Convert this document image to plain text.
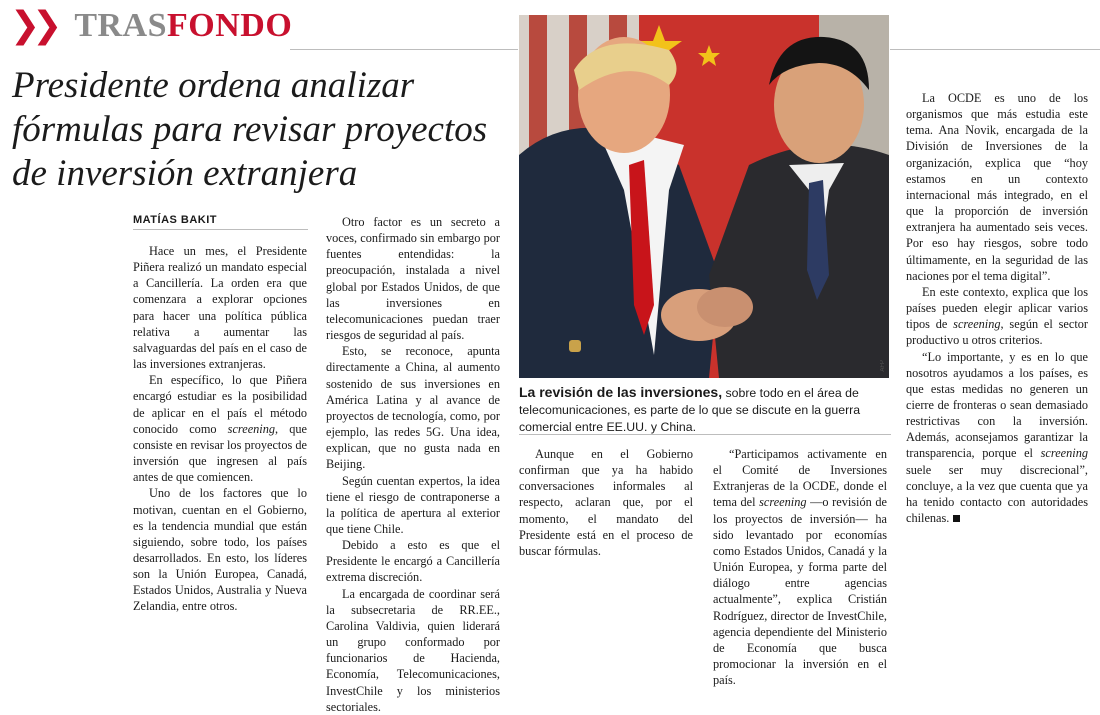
❯❯ TRAS FONDO
Presidente ordena analizar fórmulas para revisar proyectos de inversión extranjera
MATÍAS BAKIT

Hace un mes, el Presidente Piñera realizó un mandato especial a Cancillería. La orden era que comenzara a explorar opciones para hacer una política pública relativa a aumentar las salvaguardas del país en el caso de las inversiones extranjeras.

En específico, lo que Piñera encargó estudiar es la posibilidad de aplicar en el país el método conocido como screening, que consiste en revisar los proyectos de inversión que ingresen al país antes de que comiencen.

Uno de los factores que lo motivan, cuentan en el Gobierno, es la tendencia mundial que están siguiendo, sobre todo, los países desarrollados. En esto, los líderes son la Unión Europea, Canadá, Estados Unidos, Australia y Nueva Zelandia, entre otros.

Otro factor es un secreto a voces, confirmado sin embargo por fuentes entendidas: la preocupación, instalada a nivel global por Estados Unidos, de que las inversiones en telecomunicaciones puedan traer riesgos de seguridad al país.

Esto, se reconoce, apunta directamente a China, al aumento sostenido de sus inversiones en América Latina y al avance de proyectos de tecnología, como, por ejemplo, las redes 5G. Una idea, explican, que no gusta nada en Beijing.

Según cuentan expertos, la idea tiene el riesgo de contraponerse a la política de apertura al exterior que tiene Chile.

Debido a esto es que el Presidente le encargó a Cancillería extrema discreción.

La encargada de coordinar será la subsecretaria de RR.EE., Carolina Valdivia, quien liderará un grupo conformado por funcionarios de Hacienda, Economía, Telecomunicaciones, InvestChile y los ministerios sectoriales.

Aunque en el Gobierno confirman que ya ha habido conversaciones informales al respecto, aclaran que, por el momento, el mandato del Presidente está en el proceso de buscar fórmulas.

“Participamos activamente en el Comité de Inversiones Extranjeras de la OCDE, donde el tema del screening —o revisión de los proyectos de inversión— ha sido levantado por economías como Estados Unidos, Canadá y la Unión Europea, y forma parte del diálogo entre agencias actualmente”, explica Cristián Rodríguez, director de InvestChile, agencia dependiente del Ministerio de Economía que busca promocionar la inversión en el país.

La OCDE es uno de los organismos que más estudia este tema. Ana Novik, encargada de la División de Inversiones de la organización, explica que “hoy estamos en un contexto internacional más integrado, en el que la proporción de inversión extranjera ha aumentado seis veces. Por eso hay riesgos, sobre todo últimamente, en la seguridad de las naciones por el tema digital”.

En este contexto, explica que los países pueden elegir aplicar varios tipos de screening, según el sector productivo u otros criterios.

“Lo importante, y es en lo que nosotros ayudamos a los países, es que estas medidas no generen un cierre de fronteras o sean demasiado restrictivas con la inversión. Además, aconsejamos garantizar la transparencia, porque el screening suele ser muy discrecional”, concluye, a la vez que cuenta que ya ha tenido contacto con autoridades chilenas.

AFP
La revisión de las inversiones, sobre todo en el área de telecomunicaciones, es parte de lo que se discute en la guerra comercial entre EE.UU. y China.
